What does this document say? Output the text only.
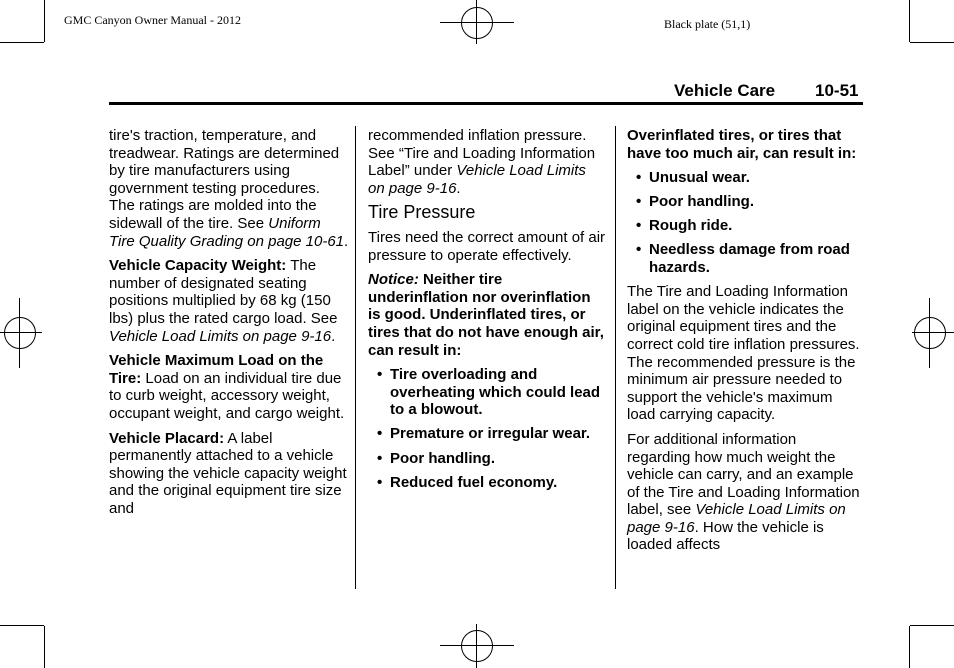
GMC Canyon Owner Manual - 2012	Black plate (51,1)
Vehicle Care 10-51

tire's traction, temperature, and treadwear. Ratings are determined by tire manufacturers using government testing procedures. The ratings are molded into the sidewall of the tire. See Uniform Tire Quality Grading on page 10-61.

Vehicle Capacity Weight: The number of designated seating positions multiplied by 68 kg (150 lbs) plus the rated cargo load. See Vehicle Load Limits on page 9-16.

Vehicle Maximum Load on the Tire: Load on an individual tire due to curb weight, accessory weight, occupant weight, and cargo weight.

Vehicle Placard: A label permanently attached to a vehicle showing the vehicle capacity weight and the original equipment tire size and

recommended inflation pressure. See “Tire and Loading Information Label” under Vehicle Load Limits on page 9-16.

Tire Pressure

Tires need the correct amount of air pressure to operate effectively.

Notice: Neither tire underinflation nor overinflation is good. Underinflated tires, or tires that do not have enough air, can result in:

• Tire overloading and overheating which could lead to a blowout.
• Premature or irregular wear.
• Poor handling.
• Reduced fuel economy.

Overinflated tires, or tires that have too much air, can result in:

• Unusual wear.
• Poor handling.
• Rough ride.
• Needless damage from road hazards.

The Tire and Loading Information label on the vehicle indicates the original equipment tires and the correct cold tire inflation pressures. The recommended pressure is the minimum air pressure needed to support the vehicle's maximum load carrying capacity.

For additional information regarding how much weight the vehicle can carry, and an example of the Tire and Loading Information label, see Vehicle Load Limits on page 9-16. How the vehicle is loaded affects
